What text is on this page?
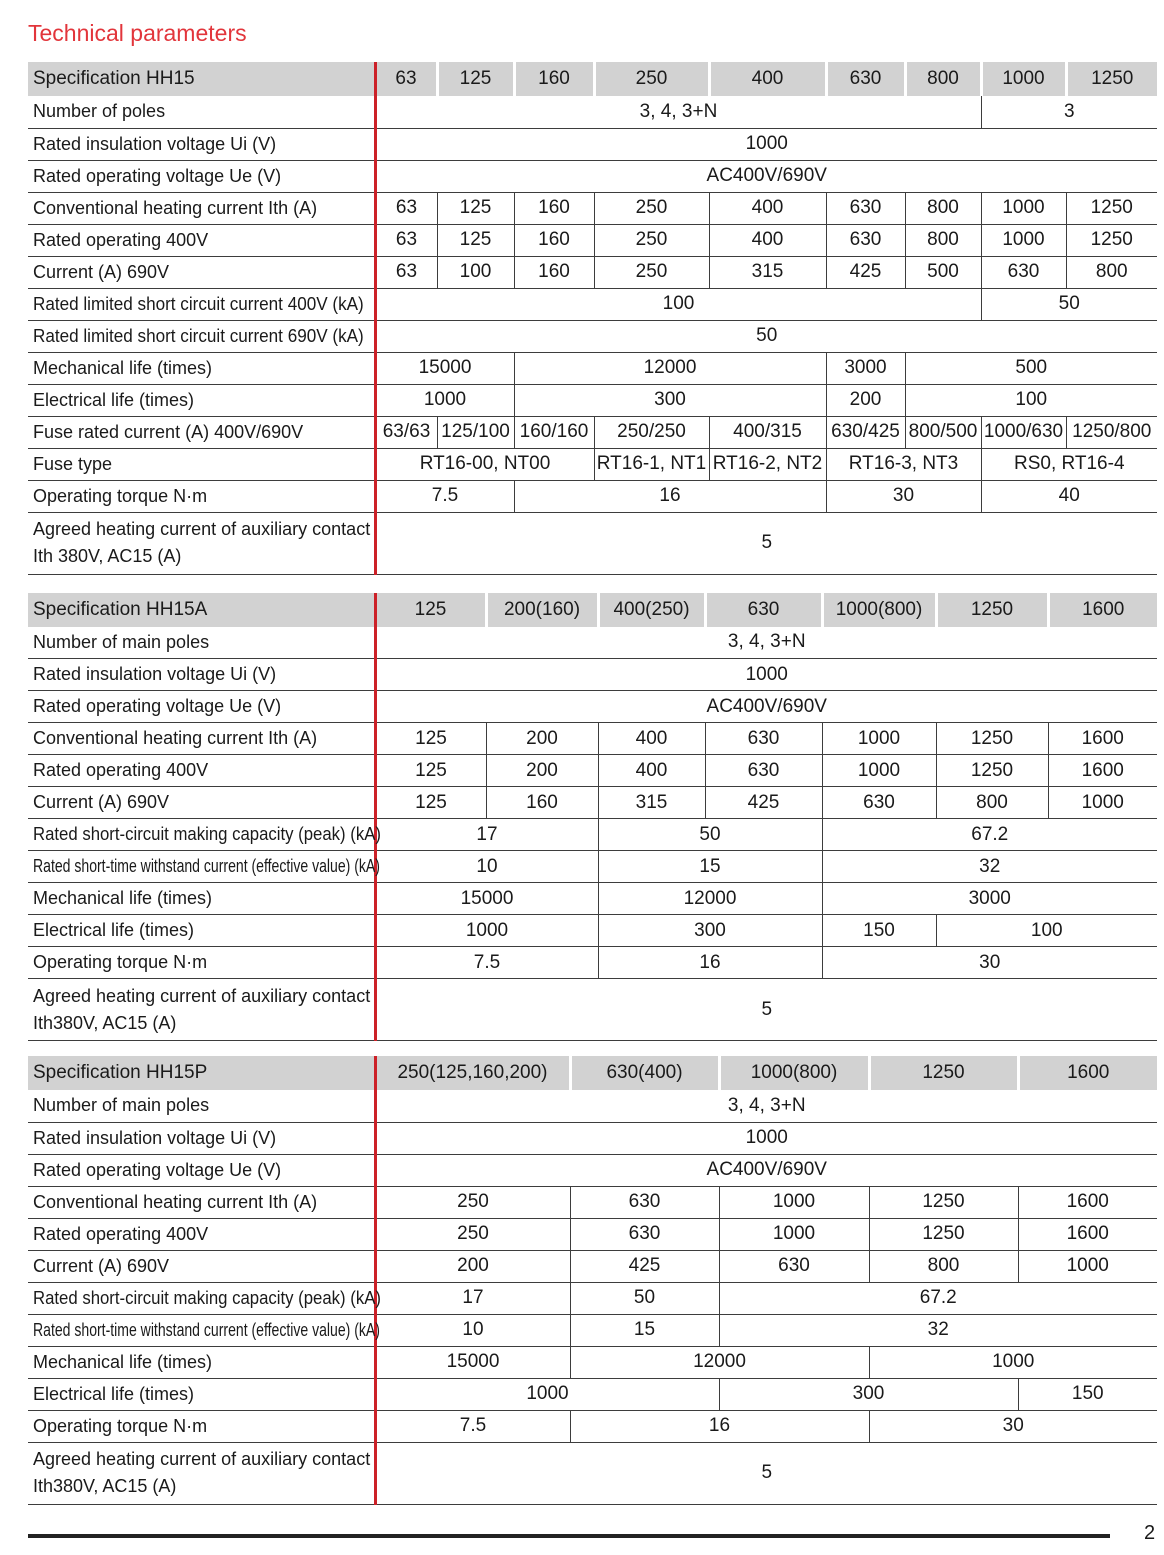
Technical parameters
Specification HH15	63	125	160	250	400	630	800	1000	1250
Number of poles	3, 4, 3+N							3	
Rated insulation voltage Ui (V)	1000								
Rated operating voltage Ue (V)	AC400V/690V								
Conventional heating current Ith (A)	63	125	160	250	400	630	800	1000	1250
Rated operating 400V	63	125	160	250	400	630	800	1000	1250
Current (A) 690V	63	100	160	250	315	425	500	630	800
Rated limited short circuit current 400V (kA)	100							50	
Rated limited short circuit current 690V (kA)	50								
Mechanical life (times)	15000		12000			3000	500		
Electrical life (times)	1000		300			200	100		
Fuse rated current (A) 400V/690V	63/63	125/100	160/160	250/250	400/315	630/425	800/500	1000/630	1250/800
Fuse type	RT16-00, NT00			RT16-1, NT1	RT16-2, NT2	RT16-3, NT3		RS0, RT16-4	
Operating torque N·m	7.5		16			30		40	
Agreed heating current of auxiliary contact Ith 380V, AC15 (A)	5								
Specification HH15A	125	200(160)	400(250)	630	1000(800)	1250	1600
Number of main poles	3, 4, 3+N						
Rated insulation voltage Ui (V)	1000						
Rated operating voltage Ue (V)	AC400V/690V						
Conventional heating current Ith (A)	125	200	400	630	1000	1250	1600
Rated operating 400V	125	200	400	630	1000	1250	1600
Current (A) 690V	125	160	315	425	630	800	1000
Rated short-circuit making capacity (peak) (kA)	17		50		67.2		
Rated short-time withstand current (effective value) (kA)	10		15		32		
Mechanical life (times)	15000		12000		3000		
Electrical life (times)	1000		300		150	100	
Operating torque N·m	7.5		16		30		
Agreed heating current of auxiliary contact Ith380V, AC15 (A)	5						
Specification HH15P	250(125,160,200)	630(400)	1000(800)	1250	1600
Number of main poles	3, 4, 3+N				
Rated insulation voltage Ui (V)	1000				
Rated operating voltage Ue (V)	AC400V/690V				
Conventional heating current Ith (A)	250	630	1000	1250	1600
Rated operating 400V	250	630	1000	1250	1600
Current (A) 690V	200	425	630	800	1000
Rated short-circuit making capacity (peak) (kA)	17	50	67.2		
Rated short-time withstand current (effective value) (kA)	10	15	32		
Mechanical life (times)	15000	12000		1000	
Electrical life (times)	1000		300		150
Operating torque N·m	7.5	16		30	
Agreed heating current of auxiliary contact Ith380V, AC15 (A)	5				
2
